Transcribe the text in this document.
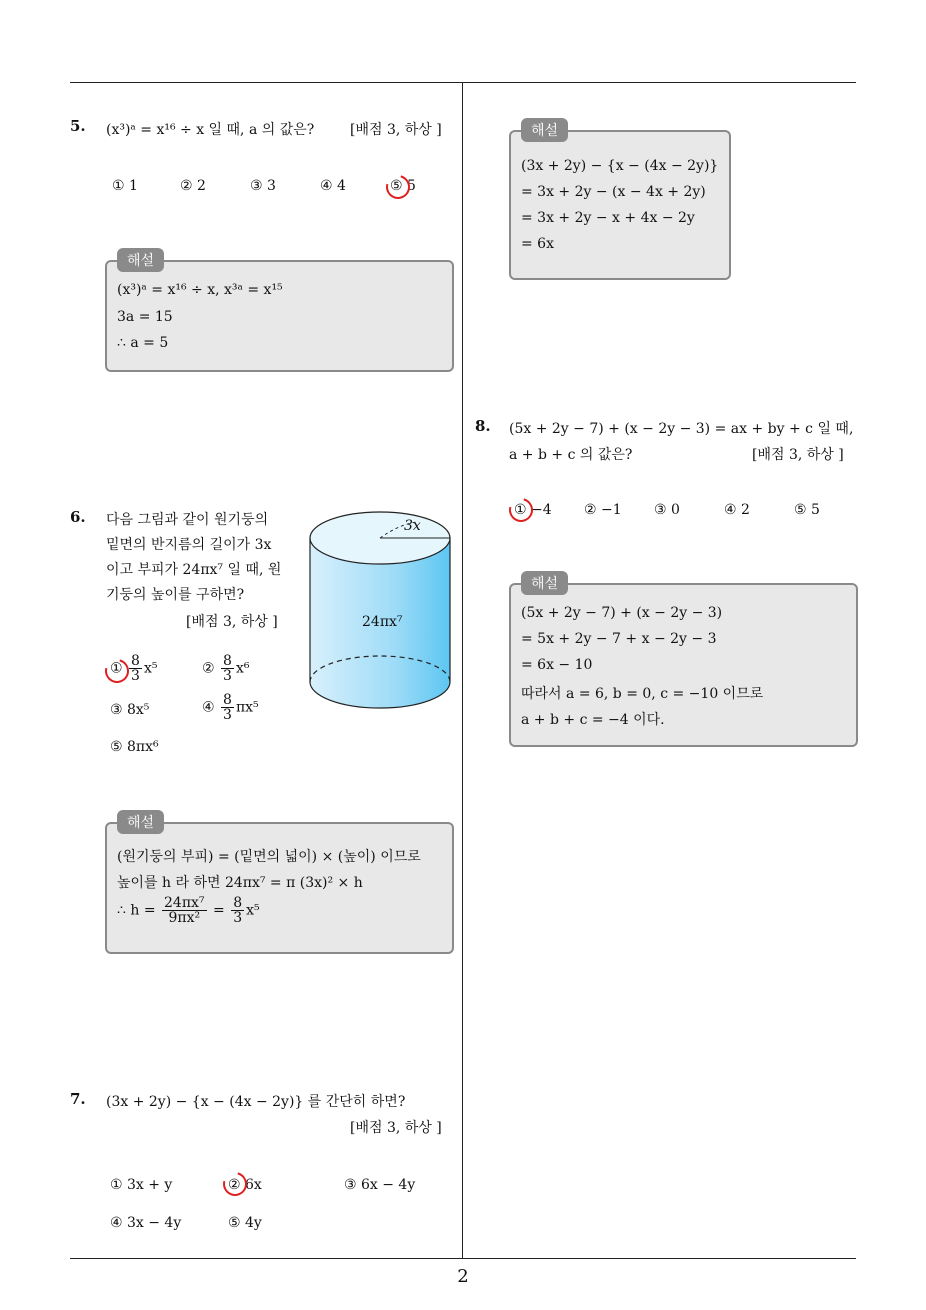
5. (x³)ᵃ = x¹⁶ ÷ x 일 때, a 의 값은?	[배점 3, 하상 ]
① 1	② 2	③ 3	④ 4	⑤ 5
해설
(x³)ᵃ = x¹⁶ ÷ x, x³ᵃ = x¹⁵
3a = 15
∴ a = 5
6. 다음 그림과 같이 원기둥의
밑면의 반지름의 길이가 3x
이고 부피가 24πx⁷ 일 때, 원
기둥의 높이를 구하면?
[배점 3, 하상 ]
3x
24πx⁷
① $\frac{8}{3} x^5$	② $\frac{8}{3} x^6$
③ 8x⁵	④ $\frac{8}{3} \pi x^5$
⑤ 8πx⁶
해설
(원기둥의 부피) = (밑면의 넓이) × (높이) 이므로
높이를 h 라 하면 24πx⁷ = π (3x)² × h
∴ $h = \frac{\text{24πx⁷}}{\text{9πx²}} = \frac{8}{3} x^5$
7. (3x + 2y) − {x − (4x − 2y)} 를 간단히 하면?
[배점 3, 하상 ]
① 3x + y	② 6x	③ 6x − 4y
④ 3x − 4y	⑤ 4y
해설
(3x + 2y) − {x − (4x − 2y)}
= 3x + 2y − (x − 4x + 2y)
= 3x + 2y − x + 4x − 2y
= 6x
8. (5x + 2y − 7) + (x − 2y − 3) = ax + by + c 일 때,
a + b + c 의 값은?	[배점 3, 하상 ]
① −4 ② −1 ③ 0	④ 2	⑤ 5
해설
(5x + 2y − 7) + (x − 2y − 3)
= 5x + 2y − 7 + x − 2y − 3
= 6x − 10
따라서 a = 6, b = 0, c = −10 이므로
a + b + c = −4 이다.
2
